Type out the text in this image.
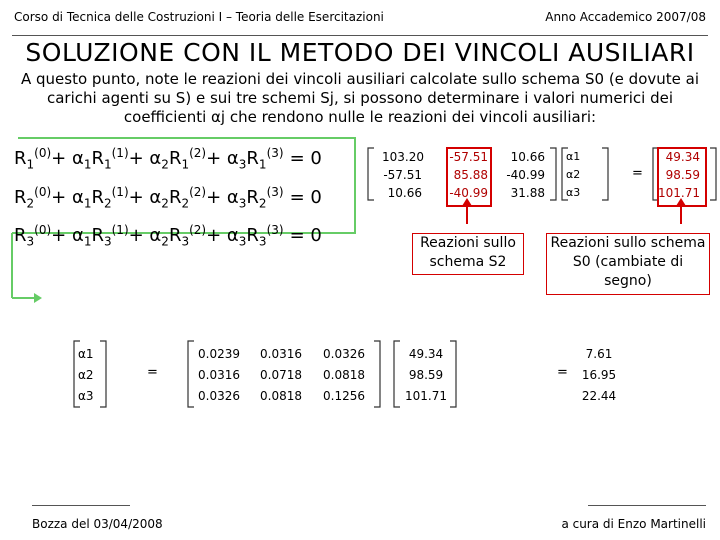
Corso di Tecnica delle Costruzioni I – Teoria delle Esercitazioni	Anno Accademico 2007/08
SOLUZIONE CON IL METODO DEI VINCOLI AUSILIARI
A questo punto, note le reazioni dei vincoli ausiliari calcolate sullo schema S0 (e dovute ai carichi agenti su S) e sui tre schemi Sj, si possono determinare i valori numerici dei coefficienti αj che rendono nulle le reazioni dei vincoli ausiliari:
$R_1^{(0)}+ \alpha_1R_1^{(1)}+ \alpha_2R_1^{(2)}+ \alpha_3R_1^{(3)} = 0$
$R_2^{(0)}+ \alpha_1R_2^{(1)}+ \alpha_2R_2^{(2)}+ \alpha_3R_2^{(3)} = 0$
$R_3^{(0)}+ \alpha_1R_3^{(1)}+ \alpha_2R_3^{(2)}+ \alpha_3R_3^{(3)} = 0$
103.20
-57.51
10.66
-57.51
85.88
-40.99
10.66
-40.99
31.88
α1
α2
α3
=
49.34
98.59
101.71
Reazioni sullo schema S2
Reazioni sullo schema S0 (cambiate di segno)
α1
α2
α3
=
0.0239
0.0316
0.0326
0.0316
0.0718
0.0818
0.0326
0.0818
0.1256
49.34
98.59
101.71
=
7.61
16.95
22.44
Bozza del 03/04/2008	a cura di Enzo Martinelli
